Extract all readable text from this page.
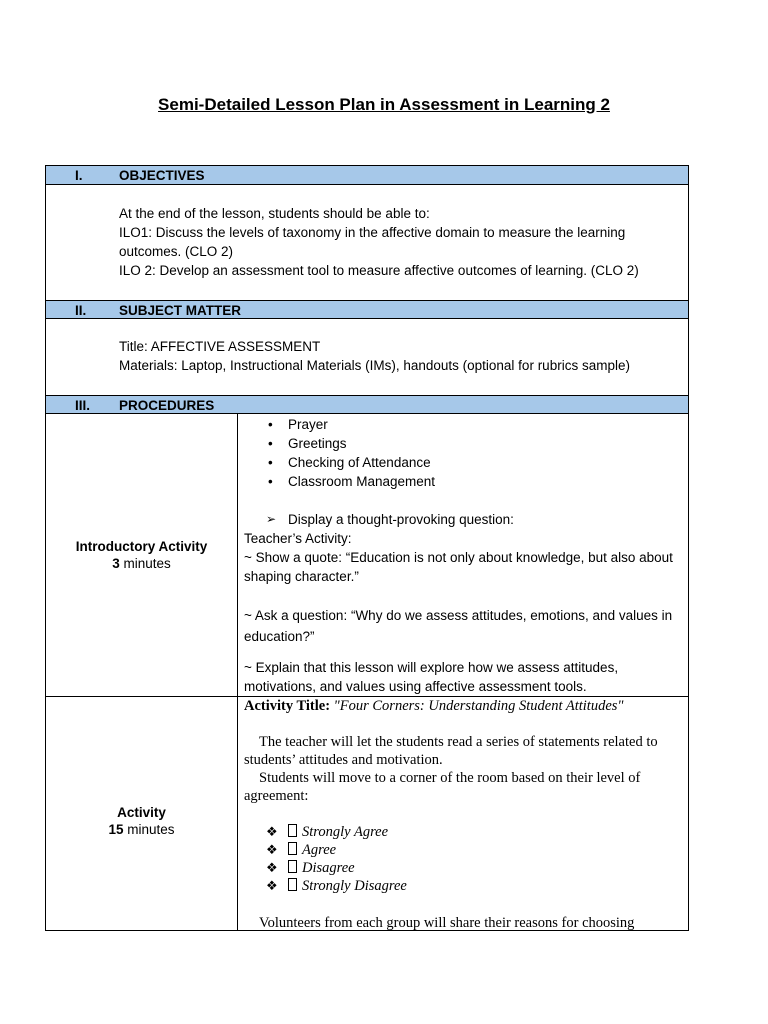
Semi-Detailed Lesson Plan in Assessment in Learning 2
I.	OBJECTIVES

At the end of the lesson, students should be able to:

ILO1: Discuss the levels of taxonomy in the affective domain to measure the learning outcomes. (CLO 2)

ILO 2: Develop an assessment tool to measure affective outcomes of learning. (CLO 2)

II. SUBJECT MATTER

Title: AFFECTIVE ASSESSMENT

Materials: Laptop, Instructional Materials (IMs), handouts (optional for rubrics sample)

III. PROCEDURES
Introductory Activity
3 minutes
• Prayer
• Greetings
• Checking of Attendance
• Classroom Management
➢ Display a thought-provoking question:

Teacher’s Activity:

~ Show a quote: “Education is not only about knowledge, but also about shaping character.”

~ Ask a question: “Why do we assess attitudes, emotions, and values in education?”

~ Explain that this lesson will explore how we assess attitudes, motivations, and values using affective assessment tools.

Activity
15 minutes

Activity Title: "Four Corners: Understanding Student Attitudes"

The teacher will let the students read a series of statements related to students’ attitudes and motivation.

Students will move to a corner of the room based on their level of agreement:

❖ Strongly Agree
❖ Agree
❖ Disagree
❖ Strongly Disagree

Volunteers from each group will share their reasons for choosing
